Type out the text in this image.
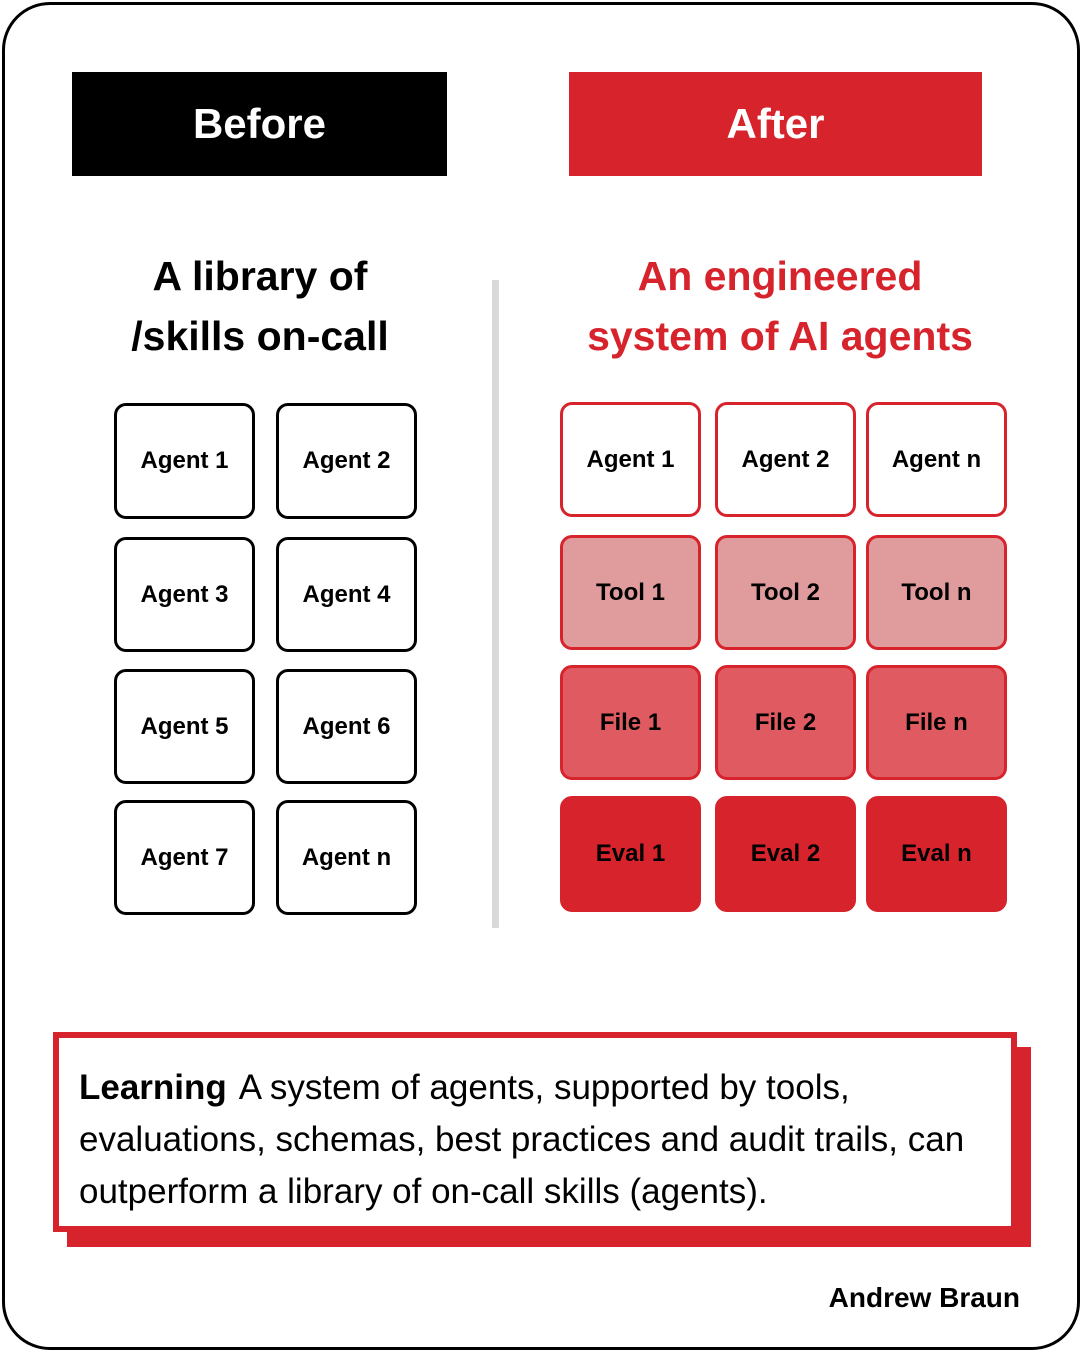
Before	After
A library of
/skills on-call
An engineered
system of AI agents
Agent 1	Agent 2
Agent 3	Agent 4
Agent 5	Agent 6
Agent 7	Agent n
Agent 1	Agent 2	Agent n
Tool 1	Tool 2	Tool n
File 1	File 2	File n
Eval 1	Eval 2	Eval n
Learning A system of agents, supported by tools, evaluations, schemas, best practices and audit trails, can outperform a library of on-call skills (agents).
Andrew Braun
